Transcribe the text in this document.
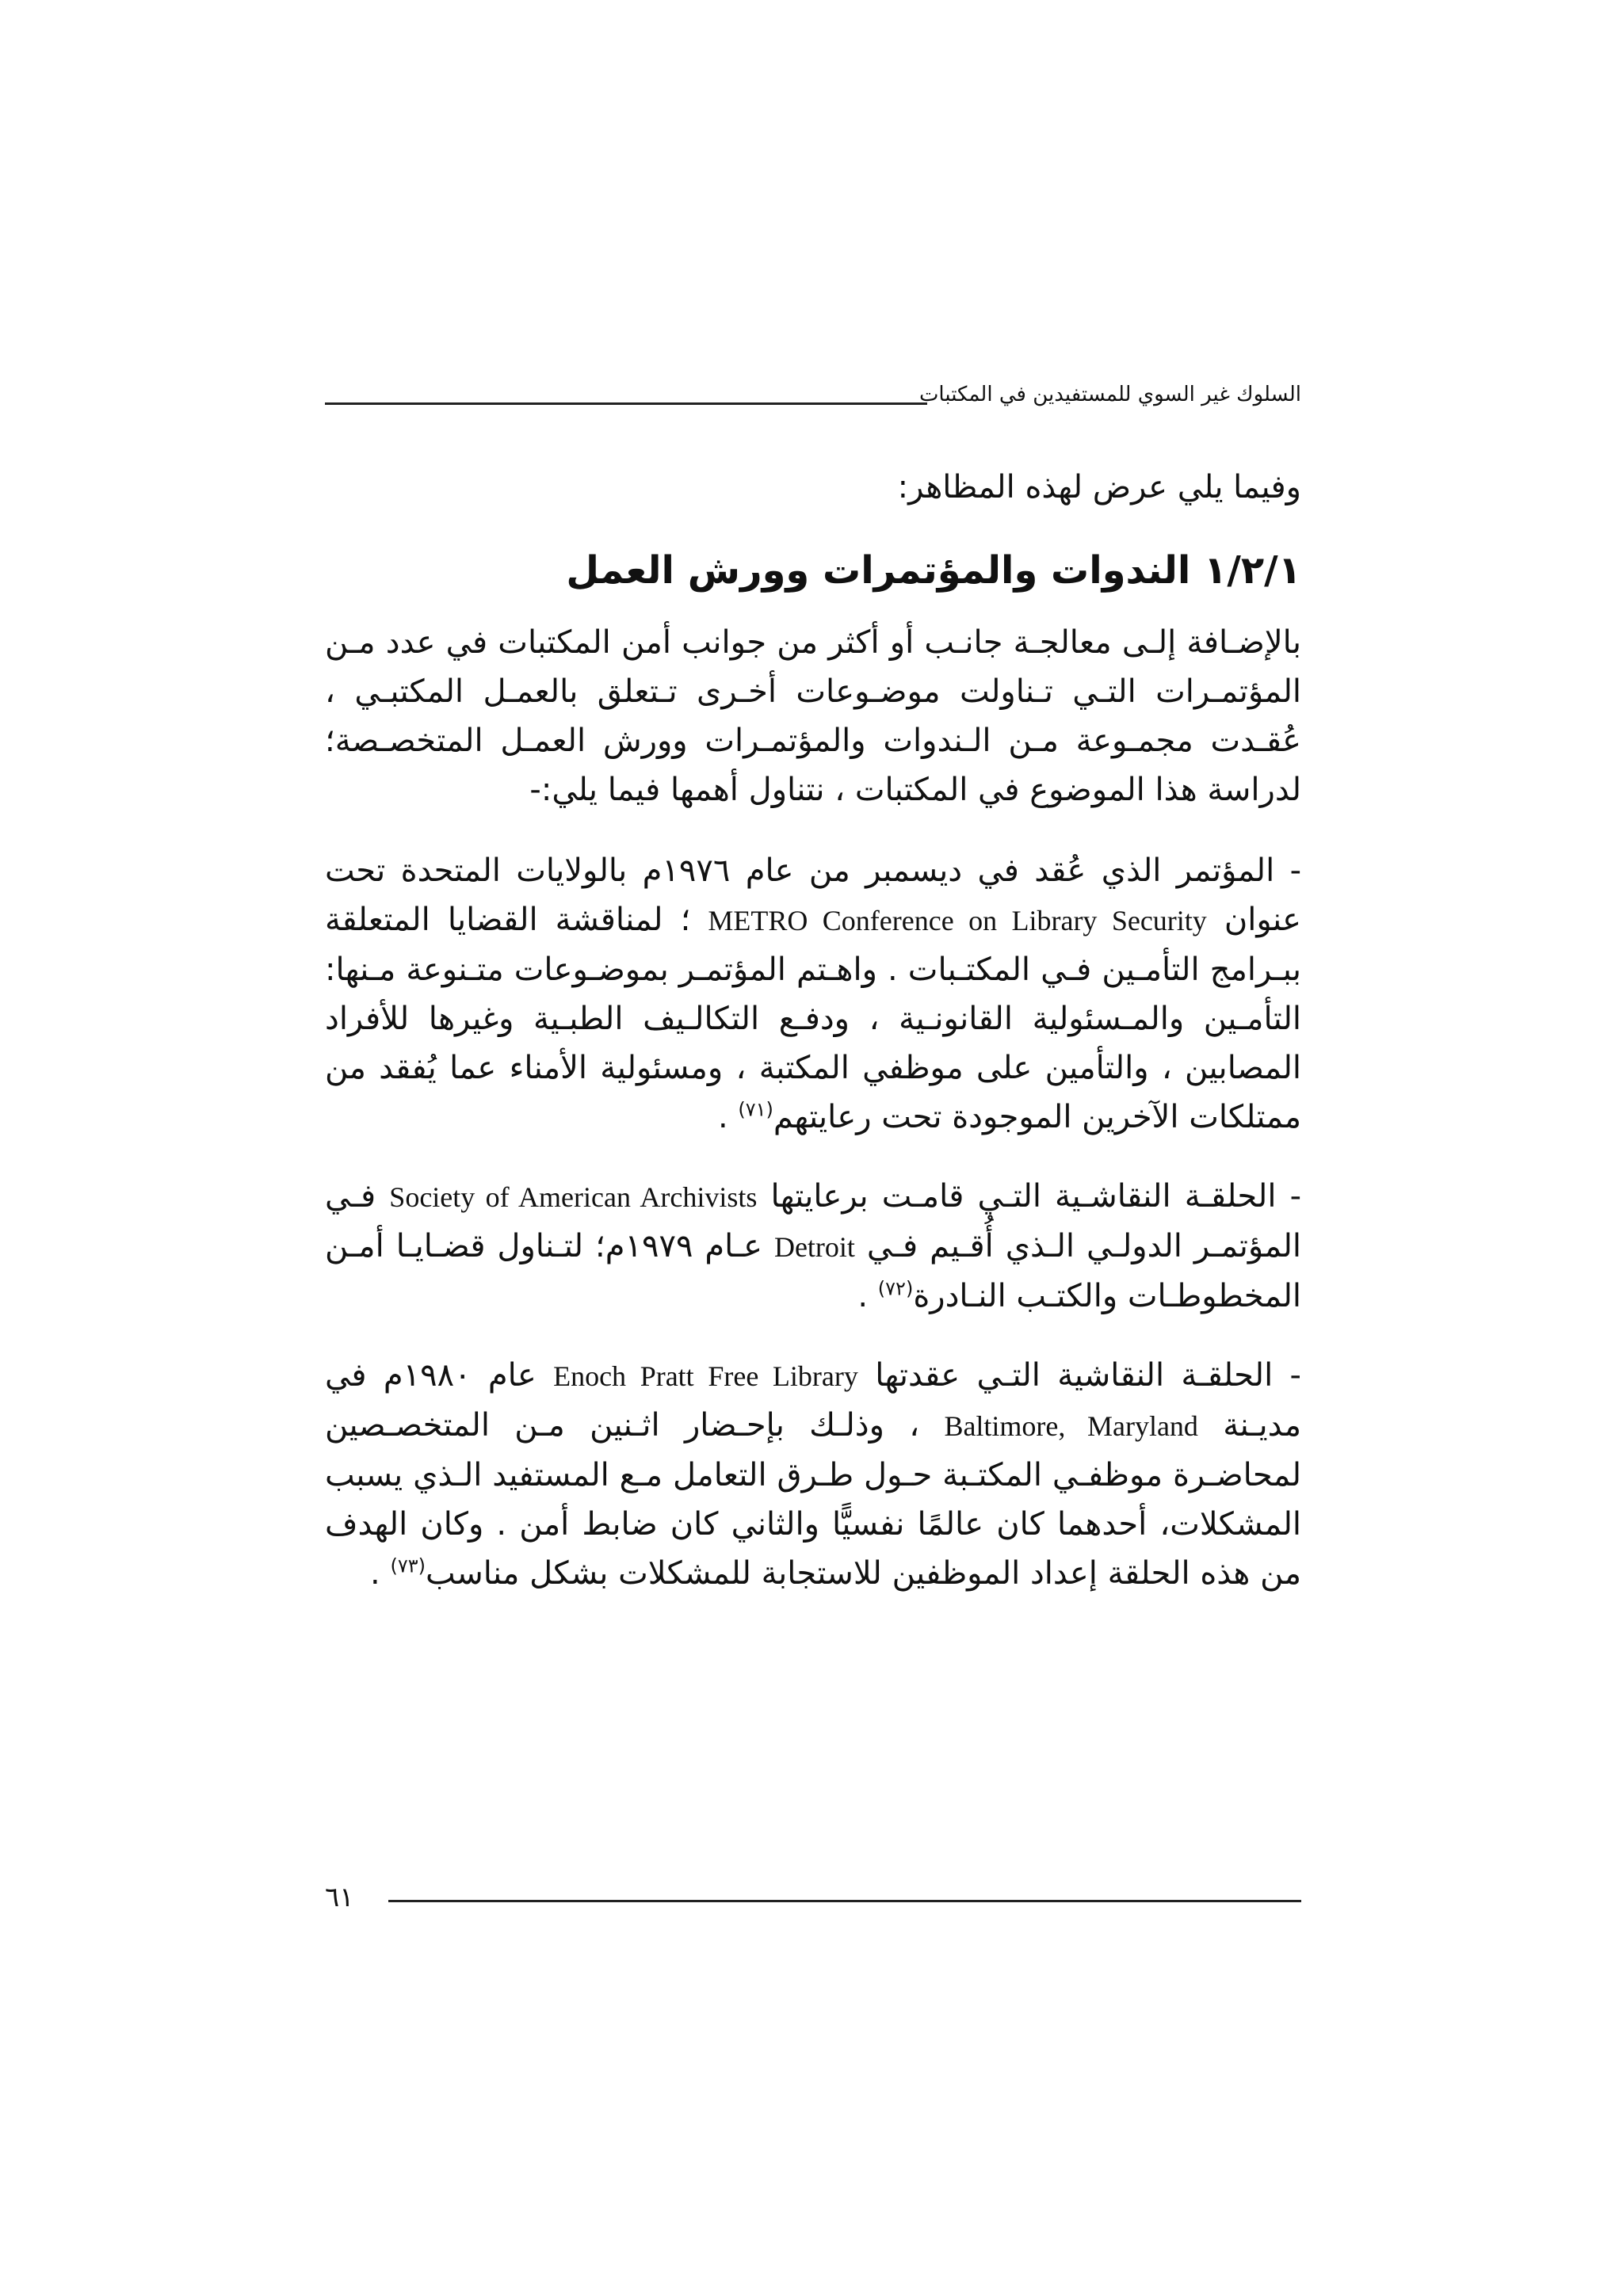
السلوك غير السوي للمستفيدين في المكتبات
وفيما يلي عرض لهذه المظاهر:
١/٢/١ الندوات والمؤتمرات وورش العمل
بالإضـافة إلـى معالجـة جانـب أو أكثر من جوانب أمن المكتبات في عدد مـن المؤتمـرات التـي تـناولت موضـوعات أخـرى تـتعلق بالعمـل المكتبـي ، عُقـدت مجمـوعة مـن الـندوات والمؤتمـرات وورش العمـل المتخصـصة؛ لدراسة هذا الموضوع في المكتبات ، نتناول أهمها فيما يلي:-
- المؤتمر الذي عُقد في ديسمبر من عام ١٩٧٦م بالولايات المتحدة تحت عنوان METRO Conference on Library Security ؛ لمناقشة القضايا المتعلقة ببـرامج التأمـين فـي المكتـبات . واهـتم المؤتمـر بموضـوعات متـنوعة مـنها: التأمـين والمـسئولية القانونـية ، ودفـع التكالـيف الطبـية وغيرها للأفراد المصابين ، والتأمين على موظفي المكتبة ، ومسئولية الأمناء عما يُفقد من ممتلكات الآخرين الموجودة تحت رعايتهم$^{(٧١)}$ .
- الحلقـة النقاشـية التـي قامـت برعايتها Society of American Archivists فـي المؤتمـر الدولـي الـذي أُقـيم فـي Detroit عـام ١٩٧٩م؛ لتـناول قضـايـا أمـن المخطوطـات والكتـب النـادرة$^{(٧٢)}$ .
- الحلقـة النقاشية التـي عقدتها Enoch Pratt Free Library عام ١٩٨٠م في مديـنة Baltimore, Maryland ، وذلـك بإحـضار اثـنين مـن المتخصـصين لمحاضـرة موظفـي المكتـبة حـول طـرق التعامل مـع المستفيد الـذي يسبب المشكلات، أحدهما كان عالمًا نفسيًّا والثاني كان ضابط أمن . وكان الهدف من هذه الحلقة إعداد الموظفين للاستجابة للمشكلات بشكل مناسب$^{(٧٣)}$ .
٦١
